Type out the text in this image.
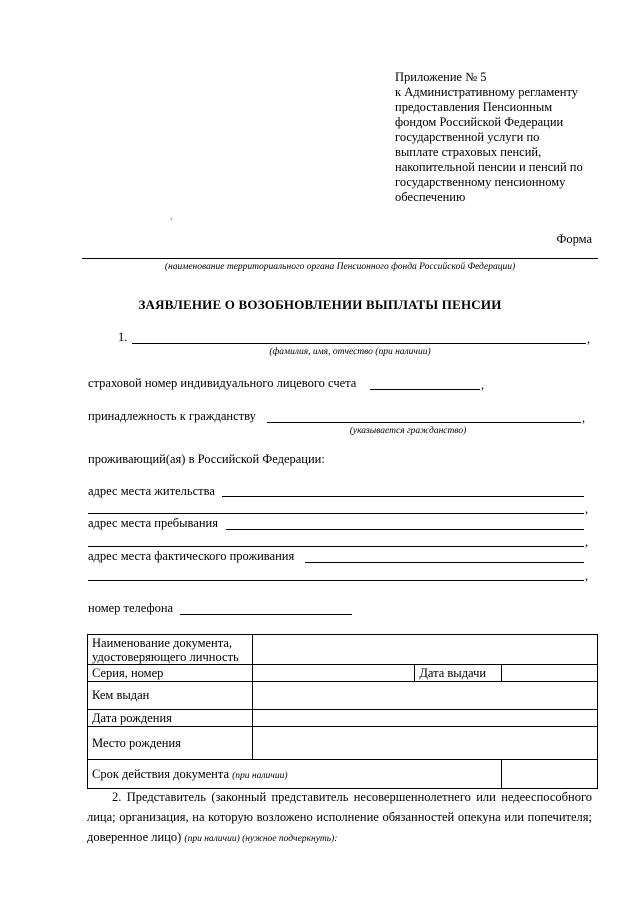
Приложение № 5
к Административному регламенту
предоставления Пенсионным
фондом Российской Федерации
государственной услуги по
выплате страховых пенсий,
накопительной пенсии и пенсий по
государственному пенсионному
обеспечению
ˎ
Форма
(наименование территориального органа Пенсионного фонда Российской Федерации)
ЗАЯВЛЕНИЕ О ВОЗОБНОВЛЕНИИ ВЫПЛАТЫ ПЕНСИИ
1.	,
(фамилия, имя, отчество (при наличии)
страховой номер индивидуального лицевого счета	,
принадлежность к гражданству	,
(указывается гражданство)
проживающий(ая) в Российской Федерации:
адрес места жительства
,
адрес места пребывания
,
адрес места фактического проживания
,
номер телефона
Наименование документа, удостоверяющего личность			

Серия, номер		Дата выдачи	
Кем выдан			
Дата рождения			
Место рождения			
Срок действия документа (при наличии)			
2. Представитель (законный представитель несовершеннолетнего или недееспособного лица; организация, на которую возложено исполнение обязанностей опекуна или попечителя; доверенное лицо) (при наличии) (нужное подчеркнуть):
